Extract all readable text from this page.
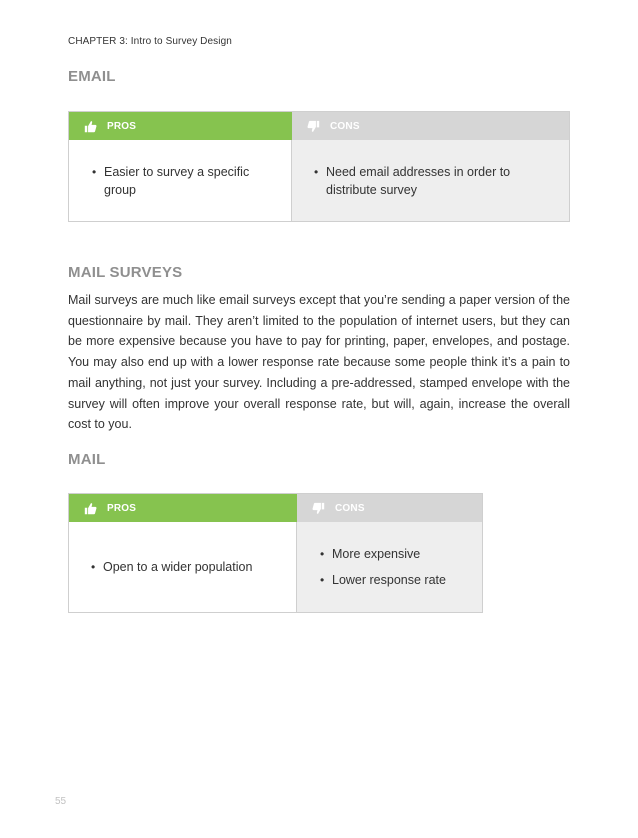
CHAPTER 3: Intro to Survey Design
EMAIL
PROS	CONS
• Easier to survey a specific group
• Need email addresses in order to distribute survey
MAIL SURVEYS

Mail surveys are much like email surveys except that you’re sending a paper version of the questionnaire by mail. They aren’t limited to the population of internet users, but they can be more expensive because you have to pay for printing, paper, envelopes, and postage. You may also end up with a lower response rate because some people think it’s a pain to mail anything, not just your survey. Including a pre-addressed, stamped envelope with the survey will often improve your overall response rate, but will, again, increase the overall cost to you.

MAIL
PROS	CONS
• Open to a wider population
• More expensive
• Lower response rate
55
